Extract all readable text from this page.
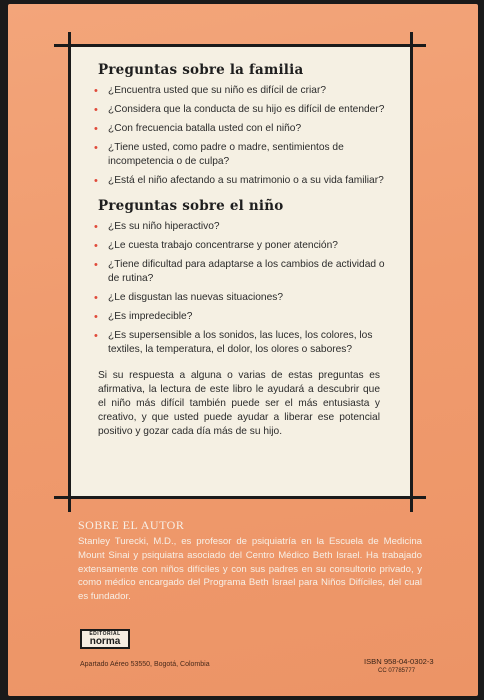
Preguntas sobre la familia
• ¿Encuentra usted que su niño es difícil de criar?
• ¿Considera que la conducta de su hijo es difícil de entender?
• ¿Con frecuencia batalla usted con el niño?
• ¿Tiene usted, como padre o madre, sentimientos de incompetencia o de culpa?
• ¿Está el niño afectando a su matrimonio o a su vida familiar?
Preguntas sobre el niño
• ¿Es su niño hiperactivo?
• ¿Le cuesta trabajo concentrarse y poner atención?
• ¿Tiene dificultad para adaptarse a los cambios de actividad o de rutina?
• ¿Le disgustan las nuevas situaciones?
• ¿Es impredecible?
• ¿Es supersensible a los sonidos, las luces, los colores, los textiles, la temperatura, el dolor, los olores o sabores?
Si su respuesta a alguna o varias de estas preguntas es afirmativa, la lectura de este libro le ayudará a descubrir que el niño más difícil también puede ser el más entusiasta y creativo, y que usted puede ayudar a liberar ese potencial positivo y gozar cada día más de su hijo.
SOBRE EL AUTOR
Stanley Turecki, M.D., es profesor de psiquiatría en la Escuela de Medicina Mount Sinai y psiquiatra asociado del Centro Médico Beth Israel. Ha trabajado extensamente con niños difíciles y con sus padres en su consultorio privado, y como médico encargado del Programa Beth Israel para Niños Difíciles, del cual es fundador.
EDITORIAL
norma
Apartado Aéreo 53550, Bogotá, Colombia	ISBN 958-04-0302-3
CC 07785777
